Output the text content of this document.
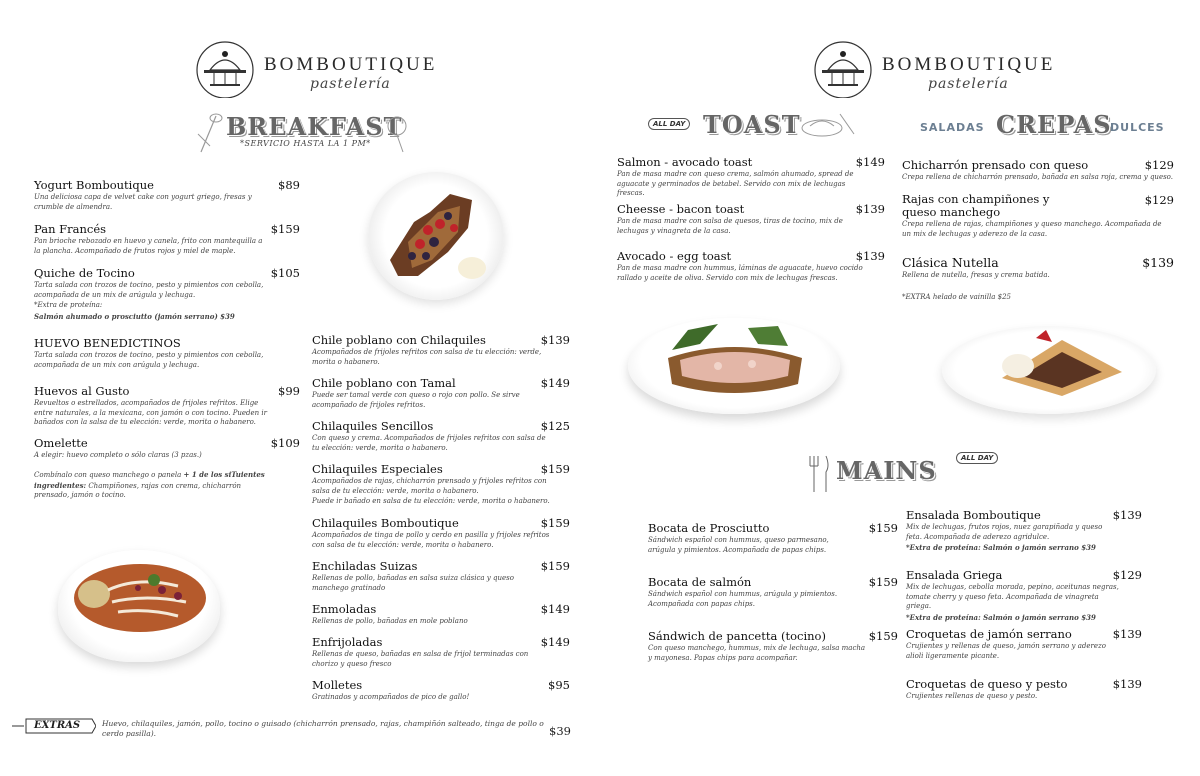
BOMBOUTIQUE
pastelería
BREAKFAST
*SERVICIO HASTA LA 1 PM*
Yogurt Bomboutique	$89
Una deliciosa capa de velvet cake con yogurt griego, fresas y crumble de almendra.
Pan Francés	$159
Pan brioche rebozado en huevo y canela, frito con mantequilla a la plancha. Acompañado de frutos rojos y miel de maple.
Quiche de Tocino	$105
Tarta salada con trozos de tocino, pesto y pimientos con cebolla, acompañada de un mix de arúgula y lechuga.
*Extra de proteína:
Salmón ahumado o prosciutto (jamón serrano) $39
HUEVO BENEDICTINOS
Tarta salada con trozos de tocino, pesto y pimientos con cebolla, acompañada de un mix con arúgula y lechuga.
Huevos al Gusto	$99
Revueltos o estrellados, acompañados de frijoles refritos. Elige entre naturales, a la mexicana, con jamón o con tocino. Pueden ir bañados con la salsa de tu elección: verde, morita o habanero.
Omelette	$109
A elegir: huevo completo o sólo claras (3 pzas.)
Combínalo con queso manchego o panela + 1 de los siTuientes ingredientes: Champiñones, rajas con crema, chicharrón prensado, jamón o tocino.
Chile poblano con Chilaquiles	$139
Acompañados de frijoles refritos con salsa de tu elección: verde, morita o habanero.
Chile poblano con Tamal	$149
Puede ser tamal verde con queso o rojo con pollo. Se sirve acompañado de frijoles refritos.
Chilaquiles Sencillos	$125
Con queso y crema. Acompañados de frijoles refritos con salsa de tu elección: verde, morita o habanero.
Chilaquiles Especiales	$159
Acompañados de rajas, chicharrón prensado y frijoles refritos con salsa de tu elección: verde, morita o habanero.
Puede ir bañado en salsa de tu elección: verde, morita o habanero.
Chilaquiles Bomboutique	$159
Acompañados de tinga de pollo y cerdo en pasilla y frijoles refritos con salsa de tu elección: verde, morita o habanero.
Enchiladas Suizas	$159
Rellenas de pollo, bañadas en salsa suiza clásica y queso manchego gratinado
Enmoladas	$149
Rellenas de pollo, bañadas en mole poblano
Enfrijoladas	$149
Rellenas de queso, bañadas en salsa de frijol terminadas con chorizo y queso fresco
Molletes	$95
Gratinados y acompañados de pico de gallo!
EXTRAS	Huevo, chilaquiles, jamón, pollo, tocino o guisado (chicharrón prensado, rajas, champiñón salteado, tinga de pollo o cerdo pasilla).	$39
BOMBOUTIQUE
pastelería
ALL DAY TOAST
Salmon - avocado toast	$149
Pan de masa madre con queso crema, salmón ahumado, spread de aguacate y germinados de betabel. Servido con mix de lechugas frescas.
Cheesse - bacon toast	$139
Pan de masa madre con salsa de quesos, tiras de tocino, mix de lechugas y vinagreta de la casa.
Avocado - egg toast	$139
Pan de masa madre con hummus, láminas de aguacate, huevo cocido rallado y aceite de oliva. Servido con mix de lechugas frescas.
SALADAS CREPAS
DULCES
Chicharrón prensado con queso	$129
Crepa rellena de chicharrón prensado, bañada en salsa roja, crema y queso.
Rajas con champiñones y queso manchego
$129
Crepa rellena de rajas, champiñones y queso manchego. Acompañada de un mix de lechugas y aderezo de la casa.
Clásica Nutella	$139
Rellena de nutella, fresas y crema batida.
*EXTRA helado de vainilla $25
MAINS	ALL DAY
Bocata de Prosciutto	$159
Sándwich español con hummus, queso parmesano, arúgula y pimientos. Acompañada de papas chips.
Bocata de salmón	$159
Sándwich español con hummus, arúgula y pimientos. Acompañada con papas chips.
Sándwich de pancetta (tocino)	$159
Con queso manchego, hummus, mix de lechuga, salsa macha y mayonesa. Papas chips para acompañar.
Ensalada Bomboutique	$139
Mix de lechugas, frutos rojos, nuez garapiñada y queso feta. Acompañada de aderezo agridulce.
*Extra de proteína: Salmón o jamón serrano $39
Ensalada Griega	$129
Mix de lechugas, cebolla morada, pepino, aceitunas negras, tomate cherry y queso feta. Acompañada de vinagreta griega.
*Extra de proteína: Salmón o jamón serrano $39
Croquetas de jamón serrano	$139
Crujientes y rellenas de queso, jamón serrano y aderezo alioli ligeramente picante.
Croquetas de queso y pesto	$139
Crujientes rellenas de queso y pesto.
